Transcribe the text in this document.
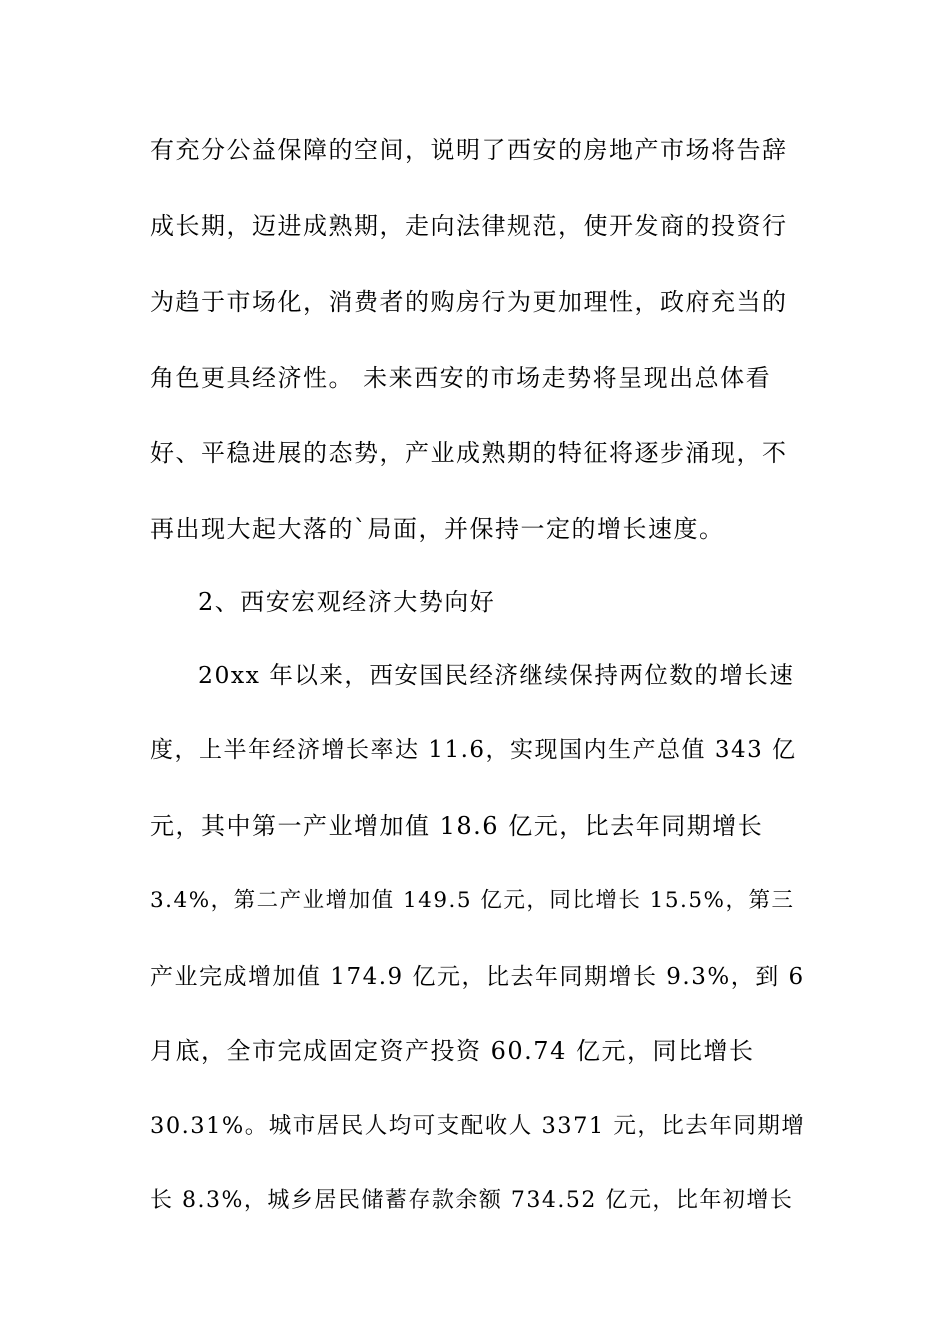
有充分公益保障的空间，说明了西安的房地产市场将告辞
成长期，迈进成熟期，走向法律规范，使开发商的投资行
为趋于市场化，消费者的购房行为更加理性，政府充当的
角色更具经济性。 未来西安的市场走势将呈现出总体看
好、平稳进展的态势，产业成熟期的特征将逐步涌现，不
再出现大起大落的`局面，并保持一定的增长速度。
2、西安宏观经济大势向好
20xx 年以来，西安国民经济继续保持两位数的增长速
度，上半年经济增长率达 11.6，实现国内生产总值 343 亿
元，其中第一产业增加值 18.6 亿元，比去年同期增长
3.4%，第二产业增加值 149.5 亿元，同比增长 15.5%，第三
产业完成增加值 174.9 亿元，比去年同期增长 9.3%，到 6
月底，全市完成固定资产投资 60.74 亿元，同比增长
30.31%。城市居民人均可支配收人 3371 元，比去年同期增
长 8.3%，城乡居民储蓄存款余额 734.52 亿元，比年初增长
